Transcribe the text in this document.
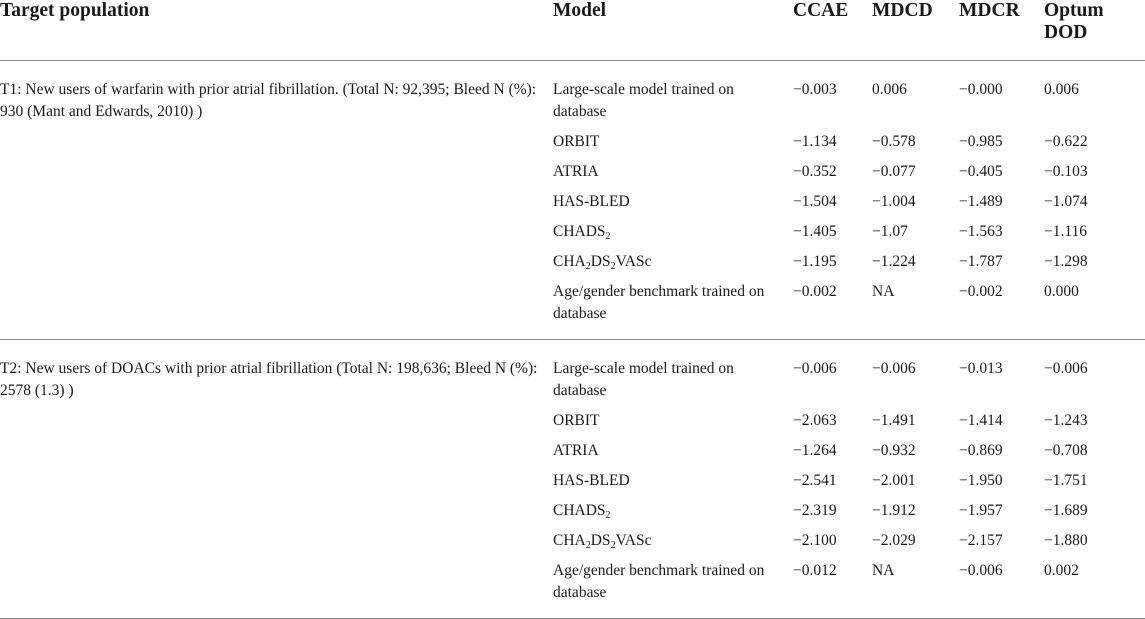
Target population	Model	CCAE	MDCD	MDCR	Optum DOD
T1: New users of warfarin with prior atrial fibrillation. (Total N: 92,395; Bleed N (%): 930 (Mant and Edwards, 2010) )	Large-scale model trained on database	−0.003	0.006	−0.000	0.006
	ORBIT	−1.134	−0.578	−0.985	−0.622
	ATRIA	−0.352	−0.077	−0.405	−0.103
	HAS-BLED	−1.504	−1.004	−1.489	−1.074
	$CHADS_2$	−1.405	−1.07	−1.563	−1.116
	$CHA_2DS_2VASc$	−1.195	−1.224	−1.787	−1.298
	Age/gender benchmark trained on database	−0.002	NA	−0.002	0.000
T2: New users of DOACs with prior atrial fibrillation (Total N: 198,636; Bleed N (%): 2578 (1.3) )	Large-scale model trained on database	−0.006	−0.006	−0.013	−0.006
	ORBIT	−2.063	−1.491	−1.414	−1.243
	ATRIA	−1.264	−0.932	−0.869	−0.708
	HAS-BLED	−2.541	−2.001	−1.950	−1.751
	$CHADS_2$	−2.319	−1.912	−1.957	−1.689
	$CHA_2DS_2VASc$	−2.100	−2.029	−2.157	−1.880
	Age/gender benchmark trained on database	−0.012	NA	−0.006	0.002
